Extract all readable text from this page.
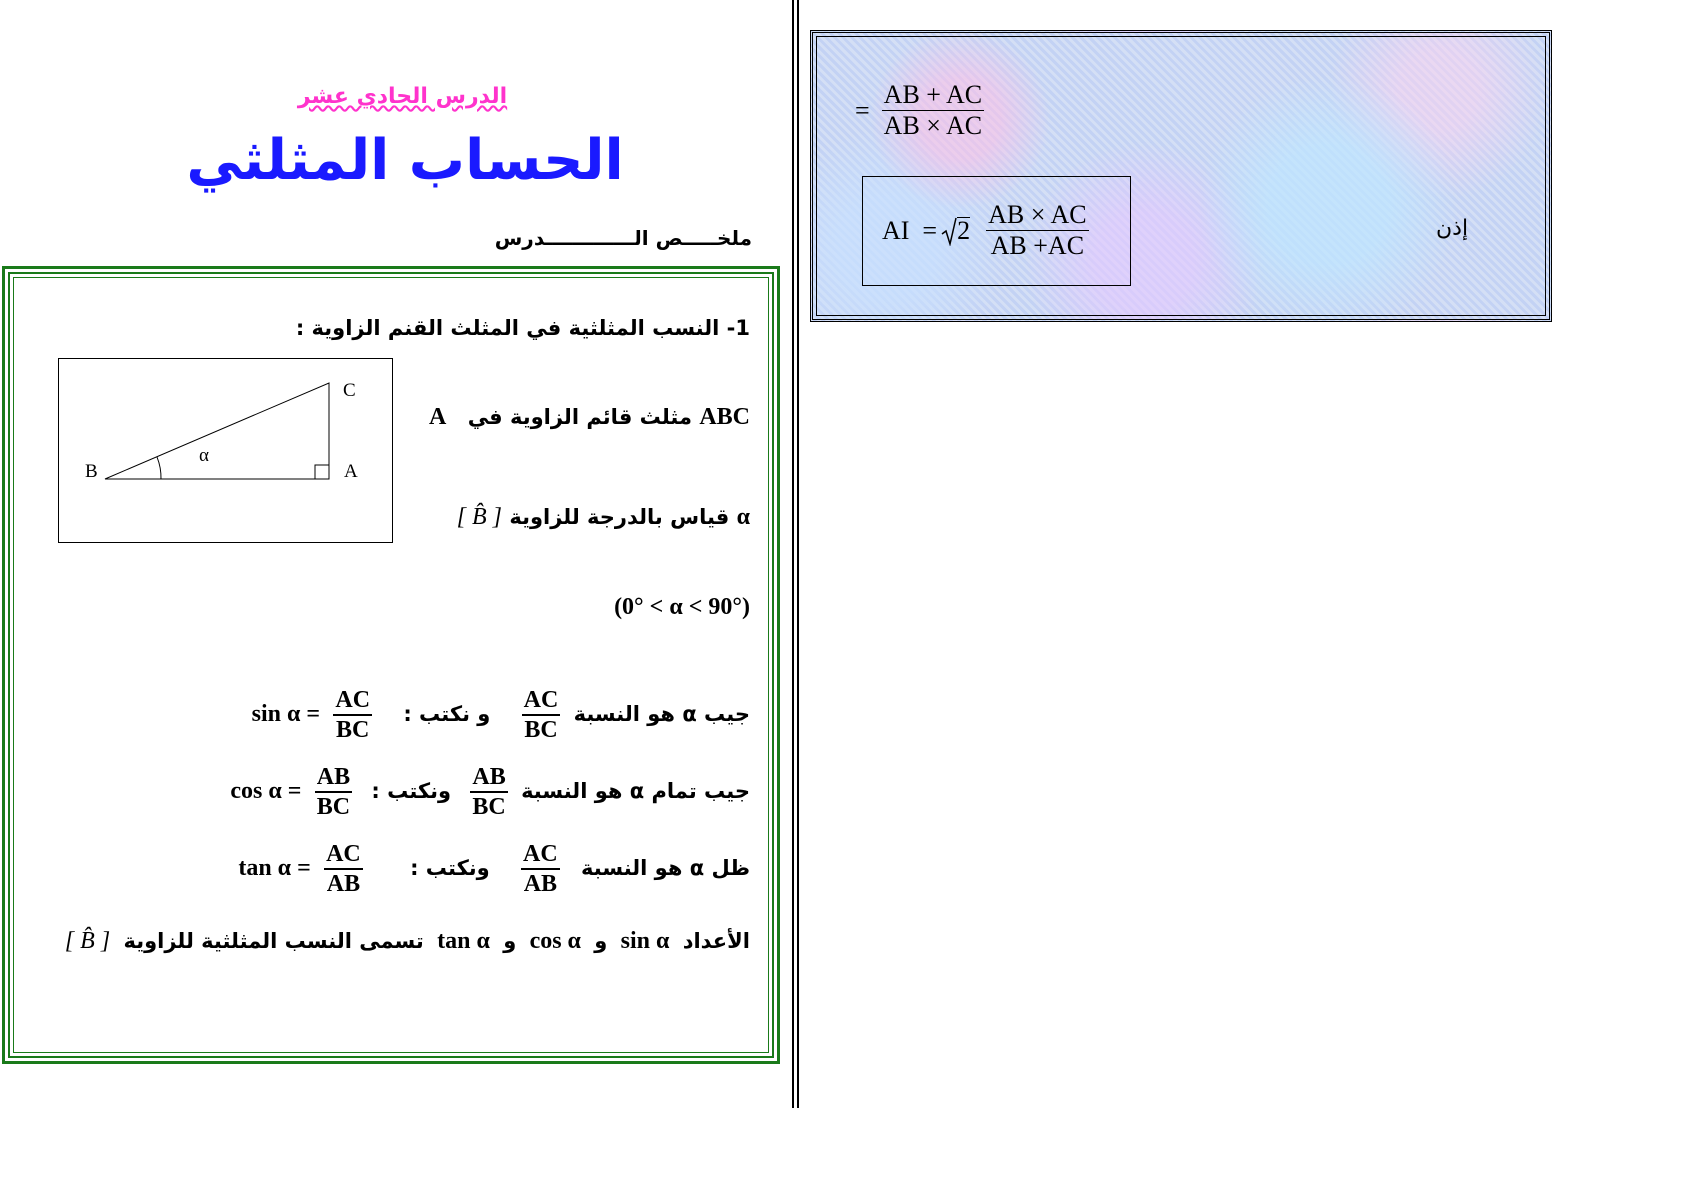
الدرس الحادي عشر
الحساب المثلثي
ملخـــــص الـــــــــــــدرس
1- النسب المثلثية في المثلث القنم الزاوية :
C
B	A
α
ABC مثلث قائم الزاوية في A
α قياس بالدرجة للزاوية [ B̂ ]
(0° < α < 90°)
جيب α هو النسبة
$\frac{AC}{BC}$
و نكتب :
$\frac{AC}{BC}$
sin α =
جيب تمام α هو النسبة
$\frac{AB}{BC}$
ونكتب :
$\frac{AB}{BC}$
cos α =
ظل α هو النسبة
$\frac{AC}{AB}$
ونكتب :
$\frac{AC}{AB}$
tan α =
الأعداد sin α و cos α و tan α تسمى النسب المثلثية للزاوية [ B̂ ]
= $\frac{AB + AC}{AB \times AC}$
AI  = 2
AB × AC
AB +AC
إذن
